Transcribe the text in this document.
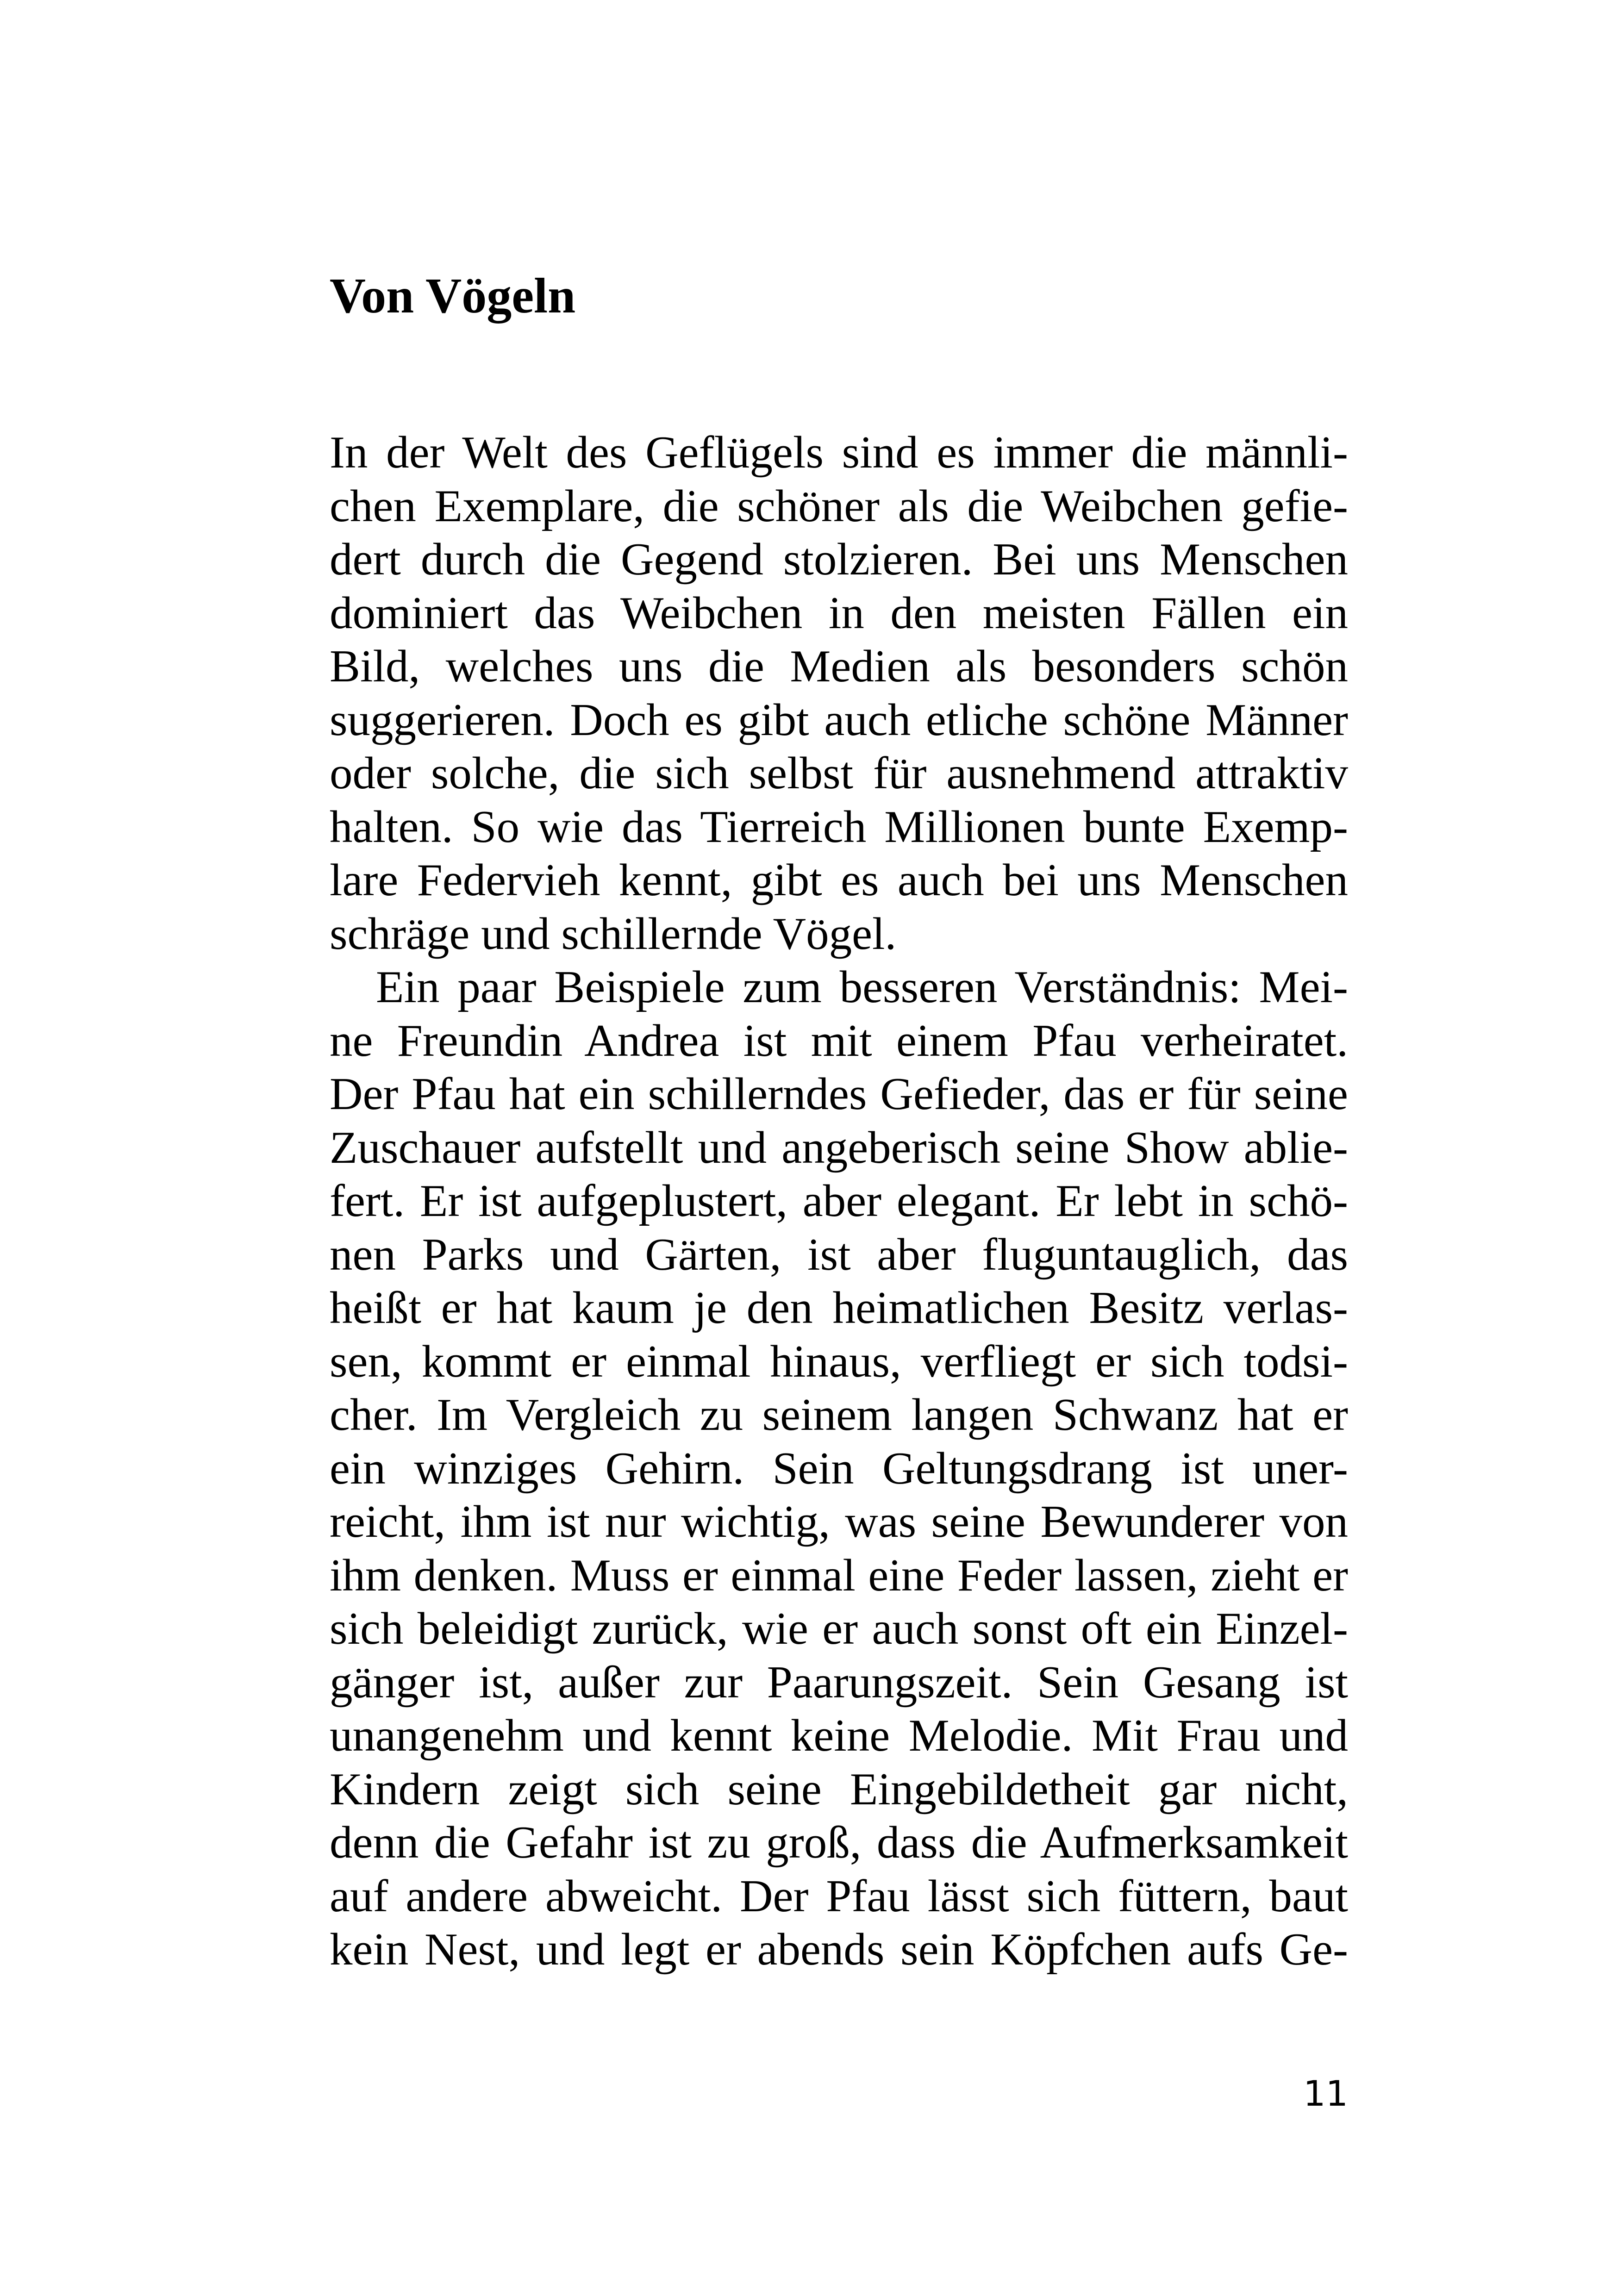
Von Vögeln
In der Welt des Geflügels sind es immer die männli-
chen Exemplare, die schöner als die Weibchen gefie-
dert durch die Gegend stolzieren. Bei uns Menschen
dominiert das Weibchen in den meisten Fällen ein
Bild, welches uns die Medien als besonders schön
suggerieren. Doch es gibt auch etliche schöne Männer
oder solche, die sich selbst für ausnehmend attraktiv
halten. So wie das Tierreich Millionen bunte Exemp-
lare Federvieh kennt, gibt es auch bei uns Menschen
schräge und schillernde Vögel.
Ein paar Beispiele zum besseren Verständnis: Mei-
ne Freundin Andrea ist mit einem Pfau verheiratet.
Der Pfau hat ein schillerndes Gefieder, das er für seine
Zuschauer aufstellt und angeberisch seine Show ablie-
fert. Er ist aufgeplustert, aber elegant. Er lebt in schö-
nen Parks und Gärten, ist aber fluguntauglich, das
heißt er hat kaum je den heimatlichen Besitz verlas-
sen, kommt er einmal hinaus, verfliegt er sich todsi-
cher. Im Vergleich zu seinem langen Schwanz hat er
ein winziges Gehirn. Sein Geltungsdrang ist uner-
reicht, ihm ist nur wichtig, was seine Bewunderer von
ihm denken. Muss er einmal eine Feder lassen, zieht er
sich beleidigt zurück, wie er auch sonst oft ein Einzel-
gänger ist, außer zur Paarungszeit. Sein Gesang ist
unangenehm und kennt keine Melodie. Mit Frau und
Kindern zeigt sich seine Eingebildetheit gar nicht,
denn die Gefahr ist zu groß, dass die Aufmerksamkeit
auf andere abweicht. Der Pfau lässt sich füttern, baut
kein Nest, und legt er abends sein Köpfchen aufs Ge-
11
